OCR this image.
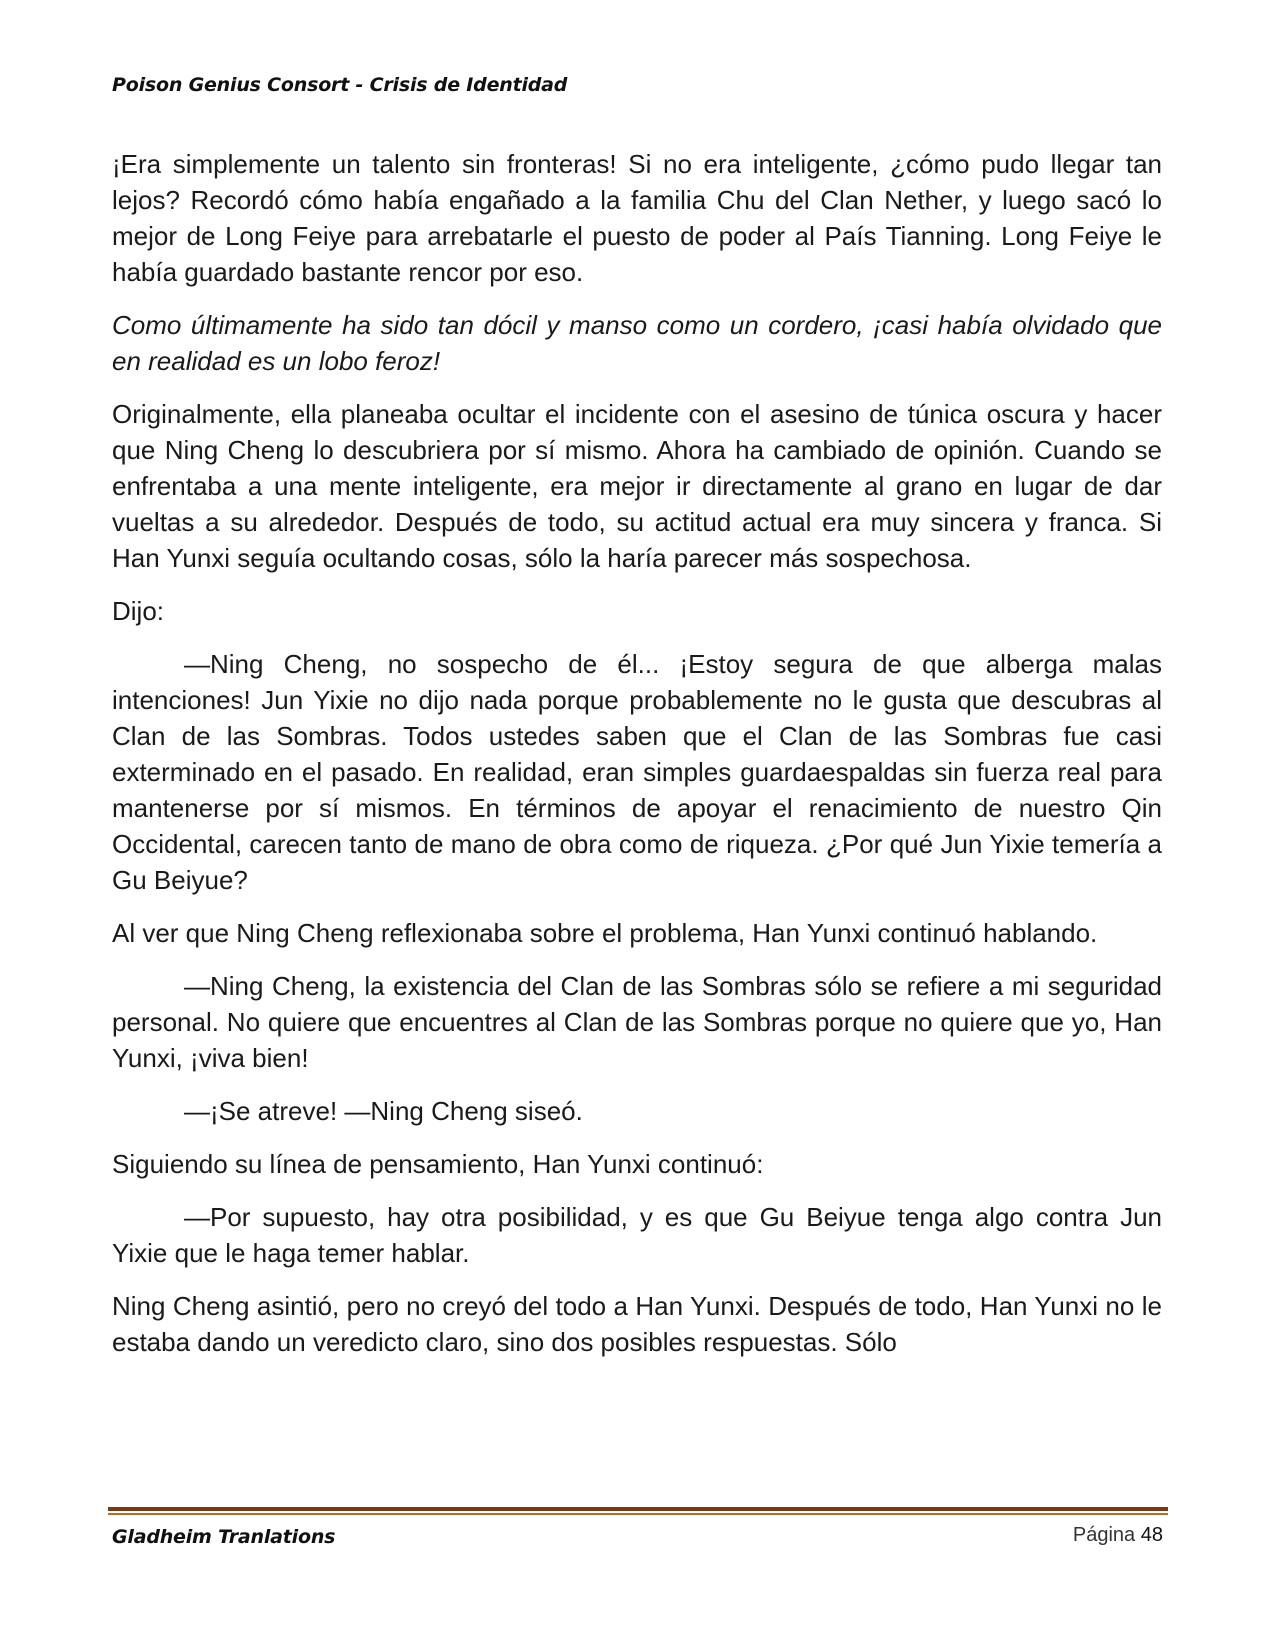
Poison Genius Consort - Crisis de Identidad

¡Era simplemente un talento sin fronteras! Si no era inteligente, ¿cómo pudo llegar tan lejos? Recordó cómo había engañado a la familia Chu del Clan Nether, y luego sacó lo mejor de Long Feiye para arrebatarle el puesto de poder al País Tianning. Long Feiye le había guardado bastante rencor por eso.

Como últimamente ha sido tan dócil y manso como un cordero, ¡casi había olvidado que en realidad es un lobo feroz!

Originalmente, ella planeaba ocultar el incidente con el asesino de túnica oscura y hacer que Ning Cheng lo descubriera por sí mismo. Ahora ha cambiado de opinión. Cuando se enfrentaba a una mente inteligente, era mejor ir directamente al grano en lugar de dar vueltas a su alrededor. Después de todo, su actitud actual era muy sincera y franca. Si Han Yunxi seguía ocultando cosas, sólo la haría parecer más sospechosa.

Dijo:

—Ning Cheng, no sospecho de él... ¡Estoy segura de que alberga malas intenciones! Jun Yixie no dijo nada porque probablemente no le gusta que descubras al Clan de las Sombras. Todos ustedes saben que el Clan de las Sombras fue casi exterminado en el pasado. En realidad, eran simples guardaespaldas sin fuerza real para mantenerse por sí mismos. En términos de apoyar el renacimiento de nuestro Qin Occidental, carecen tanto de mano de obra como de riqueza. ¿Por qué Jun Yixie temería a Gu Beiyue?

Al ver que Ning Cheng reflexionaba sobre el problema, Han Yunxi continuó hablando.

—Ning Cheng, la existencia del Clan de las Sombras sólo se refiere a mi seguridad personal. No quiere que encuentres al Clan de las Sombras porque no quiere que yo, Han Yunxi, ¡viva bien!

—¡Se atreve! —Ning Cheng siseó.

Siguiendo su línea de pensamiento, Han Yunxi continuó:

—Por supuesto, hay otra posibilidad, y es que Gu Beiyue tenga algo contra Jun Yixie que le haga temer hablar.

Ning Cheng asintió, pero no creyó del todo a Han Yunxi. Después de todo, Han Yunxi no le estaba dando un veredicto claro, sino dos posibles respuestas. Sólo

Gladheim Tranlations	Página 48
